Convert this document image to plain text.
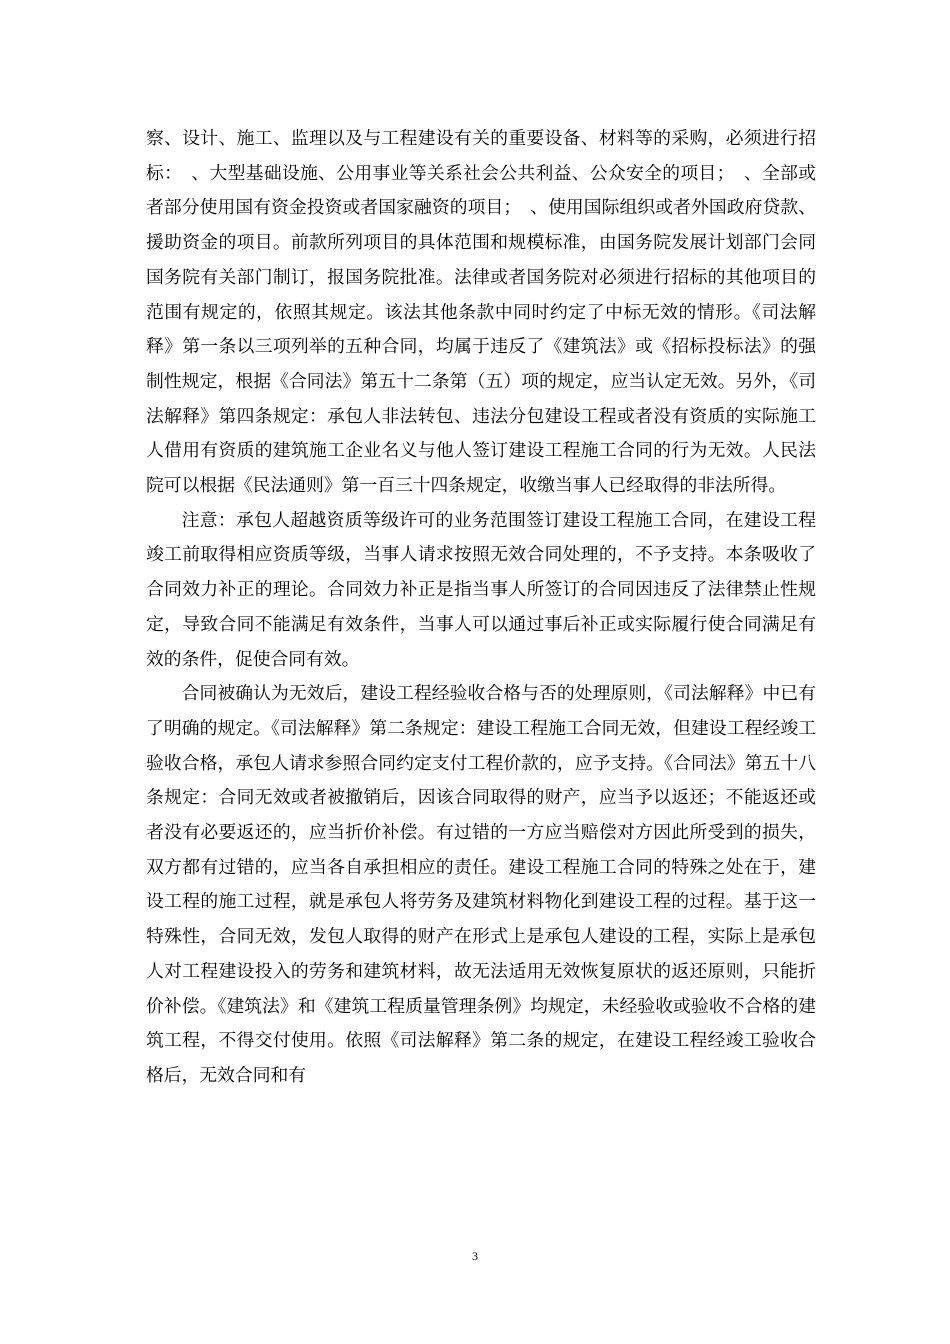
察、设计、施工、监理以及与工程建设有关的重要设备、材料等的采购，必须进行招标：　、大型基础设施、公用事业等关系社会公共利益、公众安全的项目；　、全部或者部分使用国有资金投资或者国家融资的项目；　、使用国际组织或者外国政府贷款、援助资金的项目。前款所列项目的具体范围和规模标准，由国务院发展计划部门会同国务院有关部门制订，报国务院批准。法律或者国务院对必须进行招标的其他项目的范围有规定的，依照其规定。该法其他条款中同时约定了中标无效的情形。《司法解释》第一条以三项列举的五种合同，均属于违反了《建筑法》或《招标投标法》的强制性规定，根据《合同法》第五十二条第（五）项的规定，应当认定无效。另外，《司法解释》第四条规定：承包人非法转包、违法分包建设工程或者没有资质的实际施工人借用有资质的建筑施工企业名义与他人签订建设工程施工合同的行为无效。人民法院可以根据《民法通则》第一百三十四条规定，收缴当事人已经取得的非法所得。

注意：承包人超越资质等级许可的业务范围签订建设工程施工合同，在建设工程竣工前取得相应资质等级，当事人请求按照无效合同处理的，不予支持。本条吸收了合同效力补正的理论。合同效力补正是指当事人所签订的合同因违反了法律禁止性规定，导致合同不能满足有效条件，当事人可以通过事后补正或实际履行使合同满足有效的条件，促使合同有效。

合同被确认为无效后，建设工程经验收合格与否的处理原则，《司法解释》中已有了明确的规定。《司法解释》第二条规定：建设工程施工合同无效，但建设工程经竣工验收合格，承包人请求参照合同约定支付工程价款的，应予支持。《合同法》第五十八条规定：合同无效或者被撤销后，因该合同取得的财产，应当予以返还；不能返还或者没有必要返还的，应当折价补偿。有过错的一方应当赔偿对方因此所受到的损失，双方都有过错的，应当各自承担相应的责任。建设工程施工合同的特殊之处在于，建设工程的施工过程，就是承包人将劳务及建筑材料物化到建设工程的过程。基于这一特殊性，合同无效，发包人取得的财产在形式上是承包人建设的工程，实际上是承包人对工程建设投入的劳务和建筑材料，故无法适用无效恢复原状的返还原则，只能折价补偿。《建筑法》和《建筑工程质量管理条例》均规定，未经验收或验收不合格的建筑工程，不得交付使用。依照《司法解释》第二条的规定，在建设工程经竣工验收合格后，无效合同和有

3
